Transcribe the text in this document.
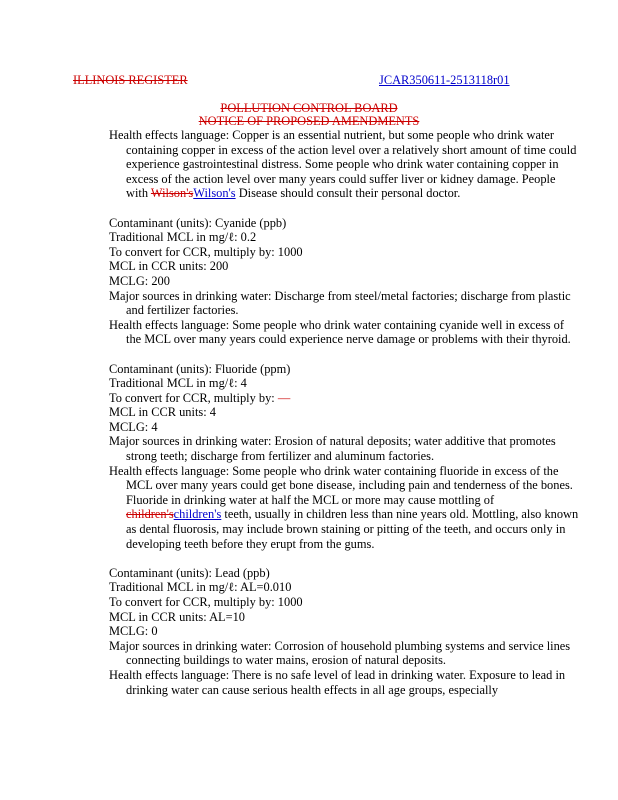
ILLINOIS REGISTER	JCAR350611-2513118r01
POLLUTION CONTROL BOARD
NOTICE OF PROPOSED AMENDMENTS

Health effects language: Copper is an essential nutrient, but some people who drink water containing copper in excess of the action level over a relatively short amount of time could experience gastrointestinal distress. Some people who drink water containing copper in excess of the action level over many years could suffer liver or kidney damage. People with Wilson'sWilson's Disease should consult their personal doctor.

Contaminant (units): Cyanide (ppb)

Traditional MCL in mg/ℓ: 0.2

To convert for CCR, multiply by: 1000

MCL in CCR units: 200

MCLG: 200

Major sources in drinking water: Discharge from steel/metal factories; discharge from plastic and fertilizer factories.

Health effects language: Some people who drink water containing cyanide well in excess of the MCL over many years could experience nerve damage or problems with their thyroid.

Contaminant (units): Fluoride (ppm)

Traditional MCL in mg/ℓ: 4

To convert for CCR, multiply by: —

MCL in CCR units: 4

MCLG: 4

Major sources in drinking water: Erosion of natural deposits; water additive that promotes strong teeth; discharge from fertilizer and aluminum factories.

Health effects language: Some people who drink water containing fluoride in excess of the MCL over many years could get bone disease, including pain and tenderness of the bones. Fluoride in drinking water at half the MCL or more may cause mottling of children'schildren's teeth, usually in children less than nine years old. Mottling, also known as dental fluorosis, may include brown staining or pitting of the teeth, and occurs only in developing teeth before they erupt from the gums.

Contaminant (units): Lead (ppb)

Traditional MCL in mg/ℓ: AL=0.010

To convert for CCR, multiply by: 1000

MCL in CCR units: AL=10

MCLG: 0

Major sources in drinking water: Corrosion of household plumbing systems and service lines connecting buildings to water mains, erosion of natural deposits.

Health effects language: There is no safe level of lead in drinking water. Exposure to lead in drinking water can cause serious health effects in all age groups, especially
